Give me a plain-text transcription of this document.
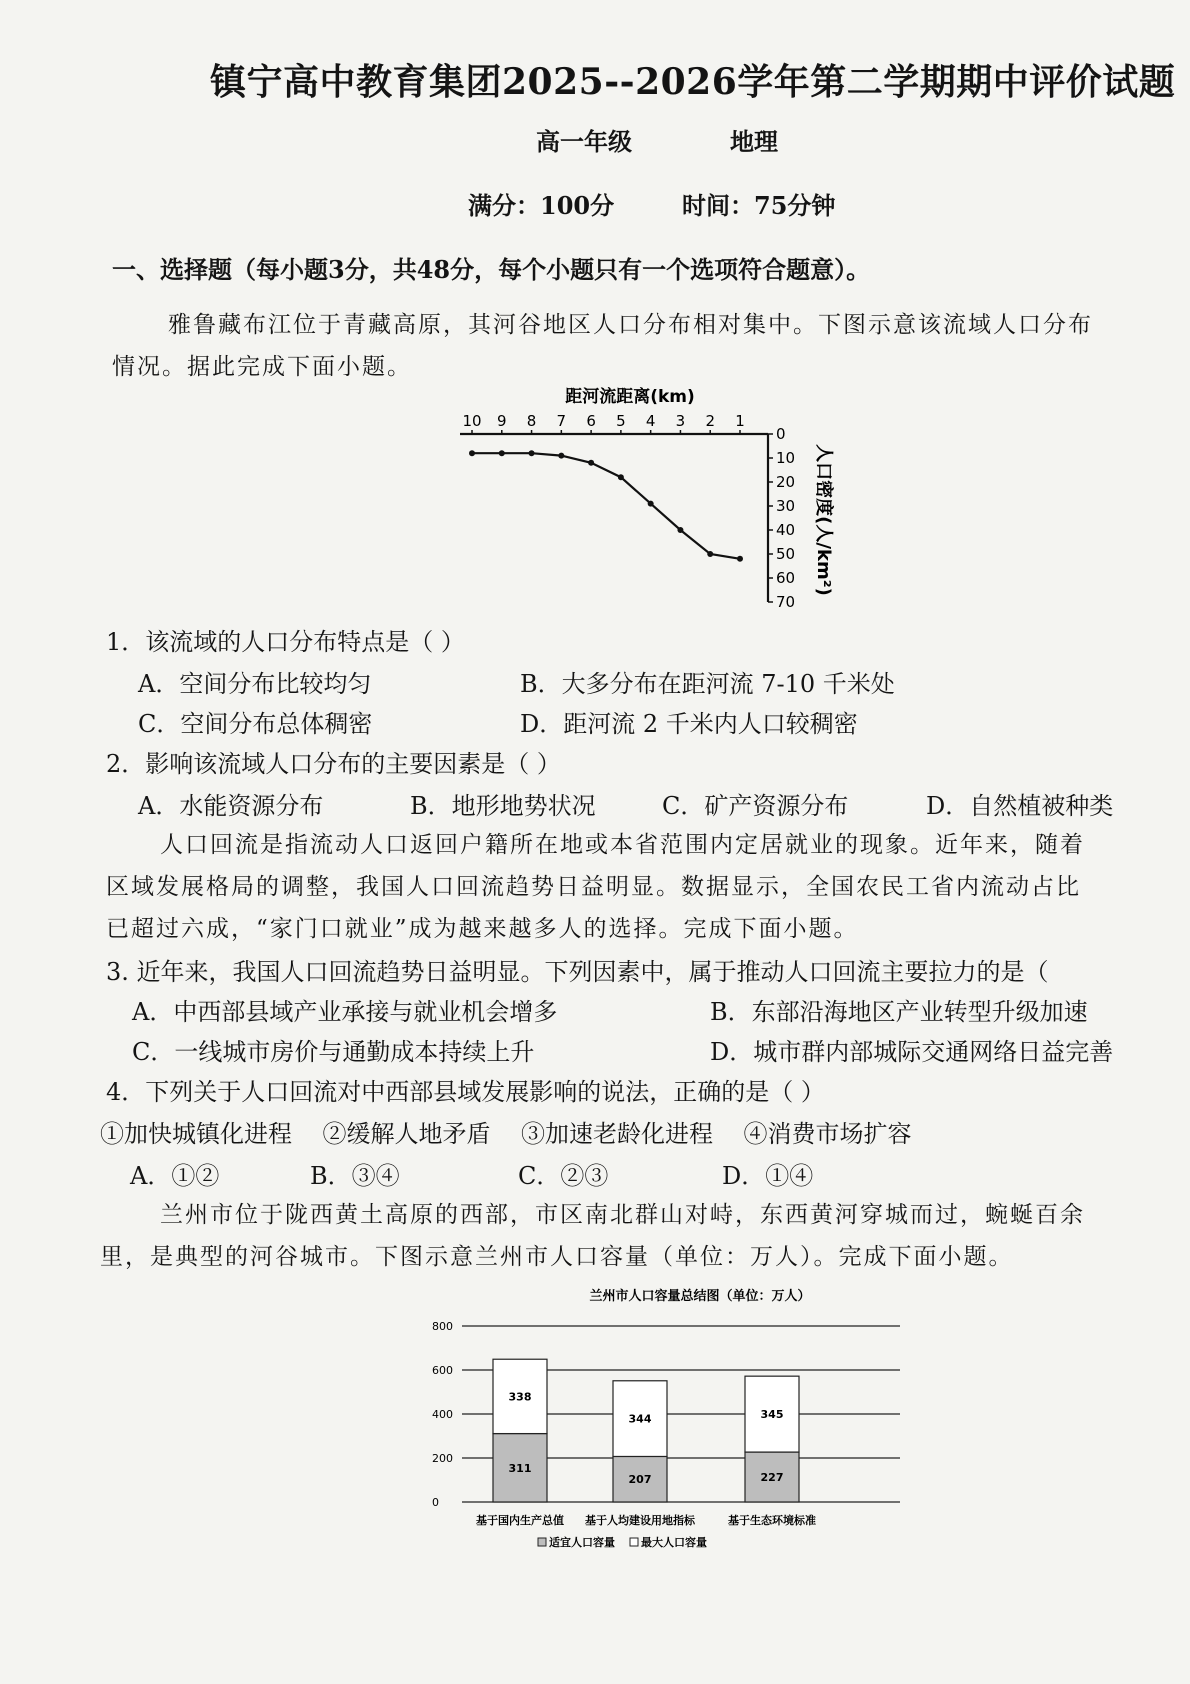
镇宁高中教育集团2025--2026学年第二学期期中评价试题
高一年级	地理
满分：100分	时间：75分钟
一、选择题（每小题3分，共48分，每个小题只有一个选项符合题意）。
雅鲁藏布江位于青藏高原，其河谷地区人口分布相对集中。下图示意该流域人口分布
情况。据此完成下面小题。
距河流距离(km)
10 9 8 7 6 5 4 3 2 1
0
10
20
30
40
50
60
70
人口密度(人/km²)
1．该流域的人口分布特点是（ ）
A．空间分布比较均匀	B．大多分布在距河流 7-10 千米处
C．空间分布总体稠密	D．距河流 2 千米内人口较稠密
2．影响该流域人口分布的主要因素是（ ）
A．水能资源分布	B．地形地势状况	C．矿产资源分布	D．自然植被种类
人口回流是指流动人口返回户籍所在地或本省范围内定居就业的现象。近年来，随着
区域发展格局的调整，我国人口回流趋势日益明显。数据显示，全国农民工省内流动占比
已超过六成，“家门口就业”成为越来越多人的选择。完成下面小题。
3. 近年来，我国人口回流趋势日益明显。下列因素中，属于推动人口回流主要拉力的是（
A．中西部县域产业承接与就业机会增多	B．东部沿海地区产业转型升级加速
C．一线城市房价与通勤成本持续上升	D．城市群内部城际交通网络日益完善
4．下列关于人口回流对中西部县域发展影响的说法，正确的是（ ）
①加快城镇化进程    ②缓解人地矛盾    ③加速老龄化进程    ④消费市场扩容
A．①②	B．③④	C．②③	D．①④
兰州市位于陇西黄土高原的西部，市区南北群山对峙，东西黄河穿城而过，蜿蜒百余
里，是典型的河谷城市。下图示意兰州市人口容量（单位：万人）。完成下面小题。
兰州市人口容量总结图（单位：万人）
800
600
400
200
0
311
338
207
344
227
345
基于国内生产总值 基于人均建设用地指标	基于生态环境标准
适宜人口容量 最大人口容量
